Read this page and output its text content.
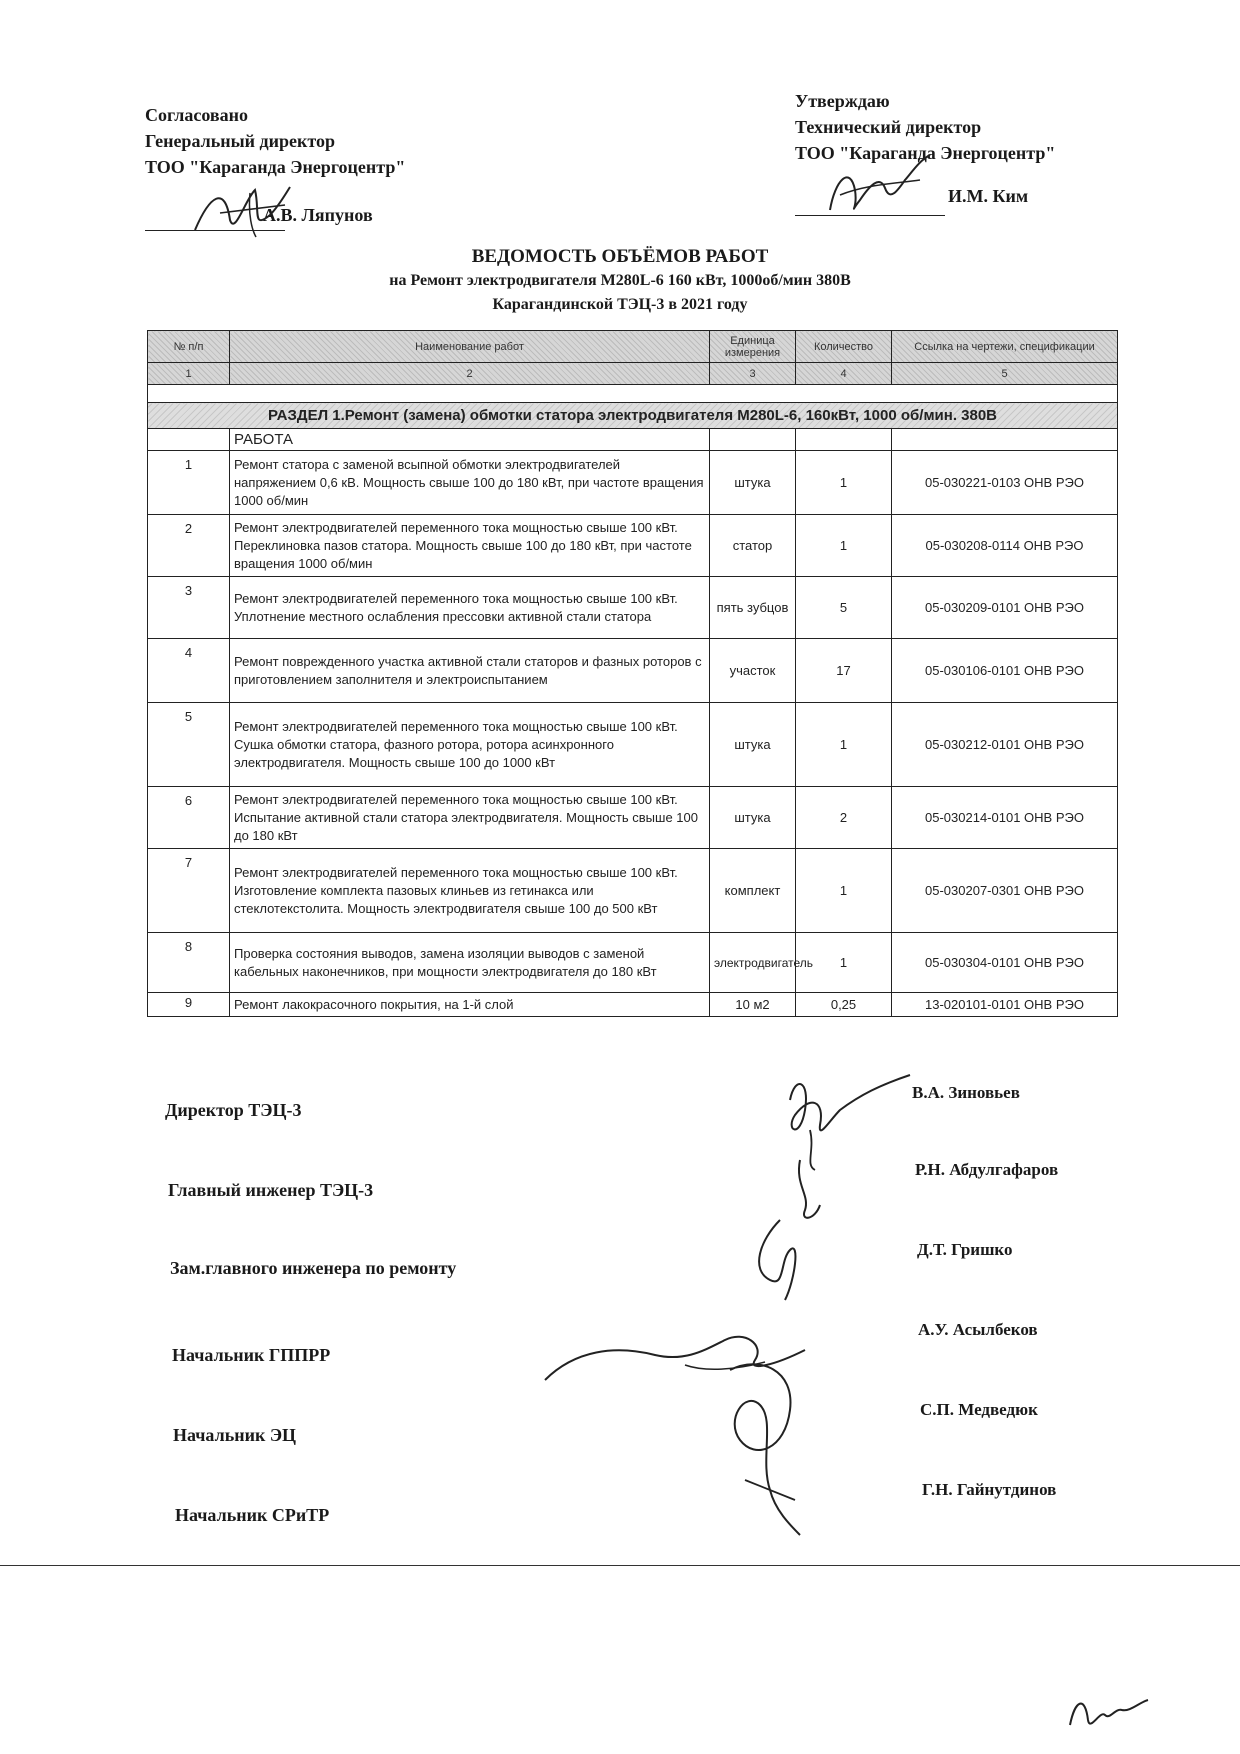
Согласовано
Генеральный директор
ТОО "Караганда Энергоцентр"
А.В. Ляпунов
Утверждаю
Технический директор
ТОО "Караганда Энергоцентр"
И.М. Ким
ВЕДОМОСТЬ ОБЪЁМОВ РАБОТ
на Ремонт электродвигателя М280L-6 160 кВт, 1000об/мин 380В
Карагандинской ТЭЦ-3 в 2021 году
№ п/п	Наименование работ	Единица измерения	Количество	Ссылка на чертежи, спецификации
1	2	3	4	5

РАЗДЕЛ 1.Ремонт (замена) обмотки статора электродвигателя М280L-6, 160кВт, 1000 об/мин. 380В				
	РАБОТА			
1	Ремонт статора с заменой всыпной обмотки электродвигателей напряжением 0,6 кВ. Мощность свыше 100 до 180 кВт, при частоте вращения 1000 об/мин	штука	1	05-030221-0103 ОНВ РЭО
2	Ремонт электродвигателей переменного тока мощностью свыше 100 кВт. Переклиновка пазов статора. Мощность свыше 100 до 180 кВт, при частоте вращения 1000 об/мин	статор	1	05-030208-0114 ОНВ РЭО
3	Ремонт электродвигателей переменного тока мощностью свыше 100 кВт. Уплотнение местного ослабления прессовки активной стали статора	пять зубцов	5	05-030209-0101 ОНВ РЭО
4	Ремонт поврежденного участка активной стали статоров и фазных роторов с приготовлением заполнителя и электроиспытанием	участок	17	05-030106-0101 ОНВ РЭО
5	Ремонт электродвигателей переменного тока мощностью свыше 100 кВт. Сушка обмотки статора, фазного ротора, ротора асинхронного электродвигателя. Мощность свыше 100 до 1000 кВт	штука	1	05-030212-0101 ОНВ РЭО
6	Ремонт электродвигателей переменного тока мощностью свыше 100 кВт. Испытание активной стали статора электродвигателя. Мощность свыше 100 до 180 кВт	штука	2	05-030214-0101 ОНВ РЭО
7	Ремонт электродвигателей переменного тока мощностью свыше 100 кВт. Изготовление комплекта пазовых клиньев из гетинакса или стеклотекстолита. Мощность электродвигателя свыше 100 до 500 кВт	комплект	1	05-030207-0301 ОНВ РЭО
8	Проверка состояния выводов, замена изоляции выводов с заменой кабельных наконечников, при мощности электродвигателя до 180 кВт	электродвигатель	1	05-030304-0101 ОНВ РЭО
9	Ремонт лакокрасочного покрытия, на 1-й слой	10 м2	0,25	13-020101-0101 ОНВ РЭО
Директор ТЭЦ-3
В.А. Зиновьев
Главный инженер ТЭЦ-3
Р.Н. Абдулгафаров
Зам.главного инженера по ремонту
Д.Т. Гришко
Начальник ГППРР
А.У. Асылбеков
Начальник ЭЦ
С.П. Медведюк
Начальник СРиТР
Г.Н. Гайнутдинов
